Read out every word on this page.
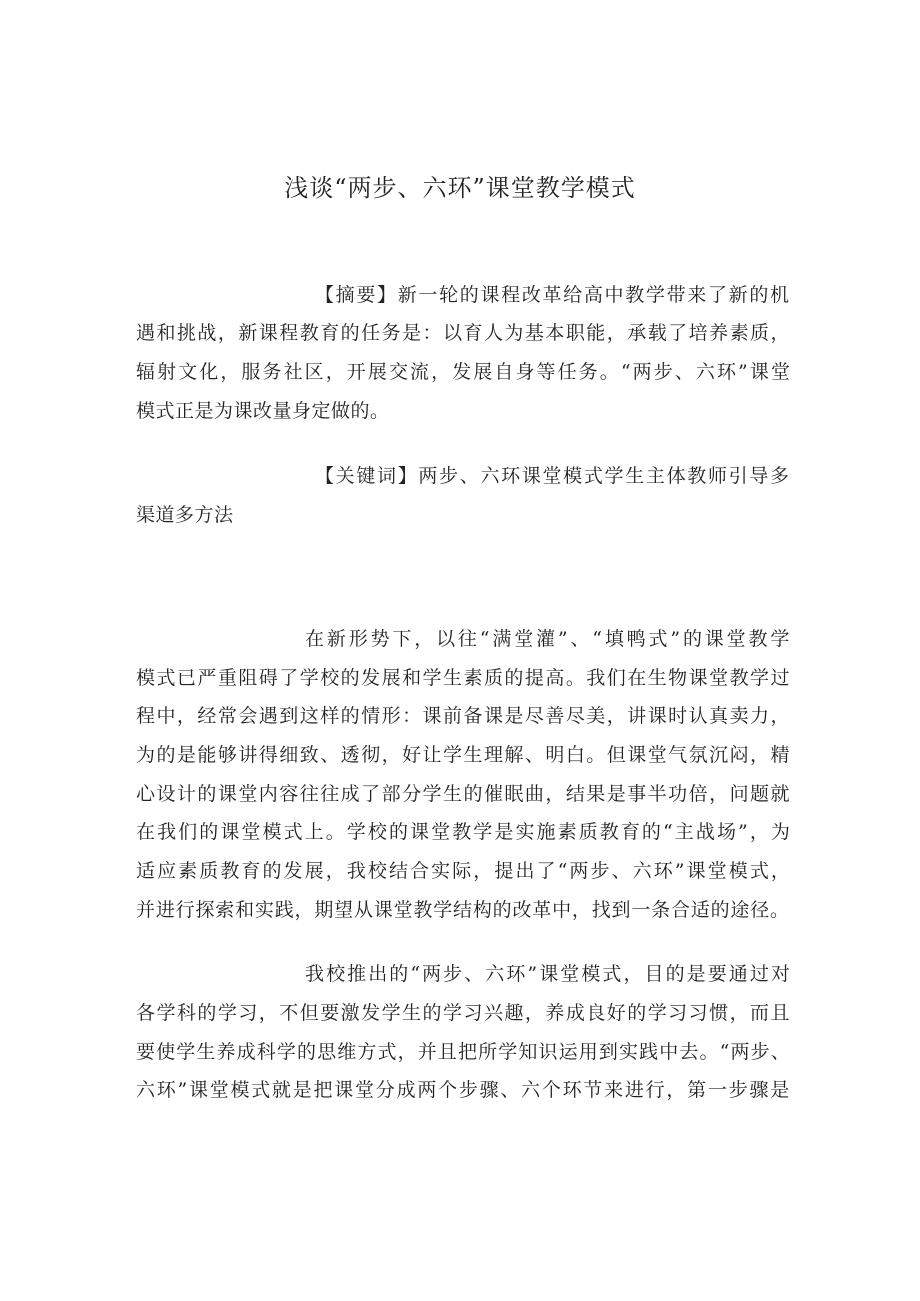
浅谈“两步、六环”课堂教学模式
【摘要】新一轮的课程改革给高中教学带来了新的机
遇和挑战，新课程教育的任务是：以育人为基本职能，承载了培养素质，
辐射文化，服务社区，开展交流，发展自身等任务。“两步、六环”课堂
模式正是为课改量身定做的。
【关键词】两步、六环课堂模式学生主体教师引导多
渠道多方法
在新形势下，以往“满堂灌”、“填鸭式”的课堂教学
模式已严重阻碍了学校的发展和学生素质的提高。我们在生物课堂教学过
程中，经常会遇到这样的情形：课前备课是尽善尽美，讲课时认真卖力，
为的是能够讲得细致、透彻，好让学生理解、明白。但课堂气氛沉闷，精
心设计的课堂内容往往成了部分学生的催眠曲，结果是事半功倍，问题就
在我们的课堂模式上。学校的课堂教学是实施素质教育的“主战场”，为
适应素质教育的发展，我校结合实际，提出了“两步、六环”课堂模式，
并进行探索和实践，期望从课堂教学结构的改革中，找到一条合适的途径。
我校推出的“两步、六环”课堂模式，目的是要通过对
各学科的学习，不但要激发学生的学习兴趣，养成良好的学习习惯，而且
要使学生养成科学的思维方式，并且把所学知识运用到实践中去。“两步、
六环”课堂模式就是把课堂分成两个步骤、六个环节来进行，第一步骤是
